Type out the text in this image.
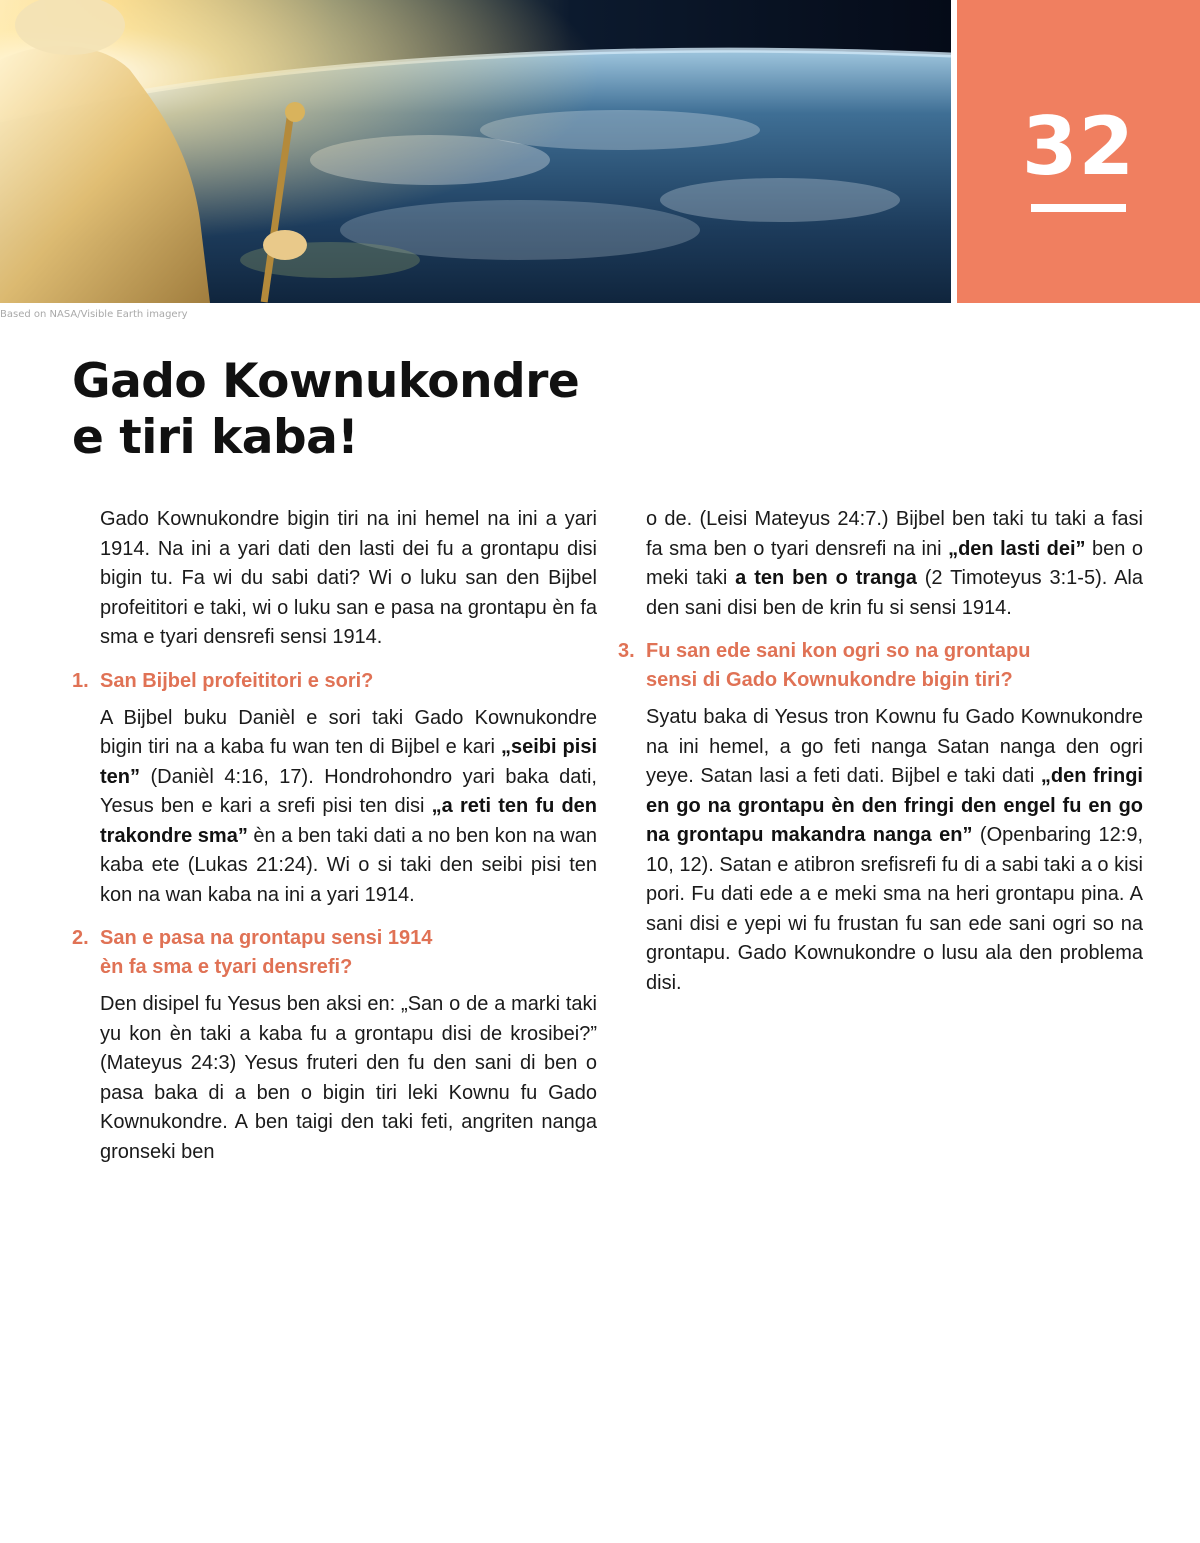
32
Based on NASA/Visible Earth imagery
Gado Kownukondre
e tiri kaba!

Gado Kownukondre bigin tiri na ini hemel na ini a yari 1914. Na ini a yari dati den lasti dei fu a grontapu disi bigin tu. Fa wi du sabi dati? Wi o luku san den Bijbel profeititori e taki, wi o luku san e pasa na grontapu èn fa sma e tyari densrefi sensi 1914.

1. San Bijbel profeititori e sori?

A Bijbel buku Danièl e sori taki Gado Kownukondre bigin tiri na a kaba fu wan ten di Bijbel e kari „seibi pisi ten” (Danièl 4:16, 17). Hondrohondro yari baka dati, Yesus ben e kari a srefi pisi ten disi „a reti ten fu den trakondre sma” èn a ben taki dati a no ben kon na wan kaba ete (Lukas 21:24). Wi o si taki den seibi pisi ten kon na wan kaba na ini a yari 1914.

2. San e pasa na grontapu sensi 1914
èn fa sma e tyari densrefi?

Den disipel fu Yesus ben aksi en: „San o de a marki taki yu kon èn taki a kaba fu a grontapu disi de krosibei?” (Mateyus 24:3) Yesus fruteri den fu den sani di ben o pasa baka di a ben o bigin tiri leki Kownu fu Gado Kownukondre. A ben taigi den taki feti, angriten nanga gronseki ben

o de. (Leisi Mateyus 24:7.) Bijbel ben taki tu taki a fasi fa sma ben o tyari densrefi na ini „den lasti dei” ben o meki taki a ten ben o tranga (2 Timoteyus 3:1-5). Ala den sani disi ben de krin fu si sensi 1914.

3. Fu san ede sani kon ogri so na grontapu
sensi di Gado Kownukondre bigin tiri?

Syatu baka di Yesus tron Kownu fu Gado Kownukondre na ini hemel, a go feti nanga Satan nanga den ogri yeye. Satan lasi a feti dati. Bijbel e taki dati „den fringi en go na grontapu èn den fringi den engel fu en go na grontapu makandra nanga en” (Openbaring 12:9, 10, 12). Satan e atibron srefisrefi fu di a sabi taki a o kisi pori. Fu dati ede a e meki sma na heri grontapu pina. A sani disi e yepi wi fu frustan fu san ede sani ogri so na grontapu. Gado Kownukondre o lusu ala den problema disi.
